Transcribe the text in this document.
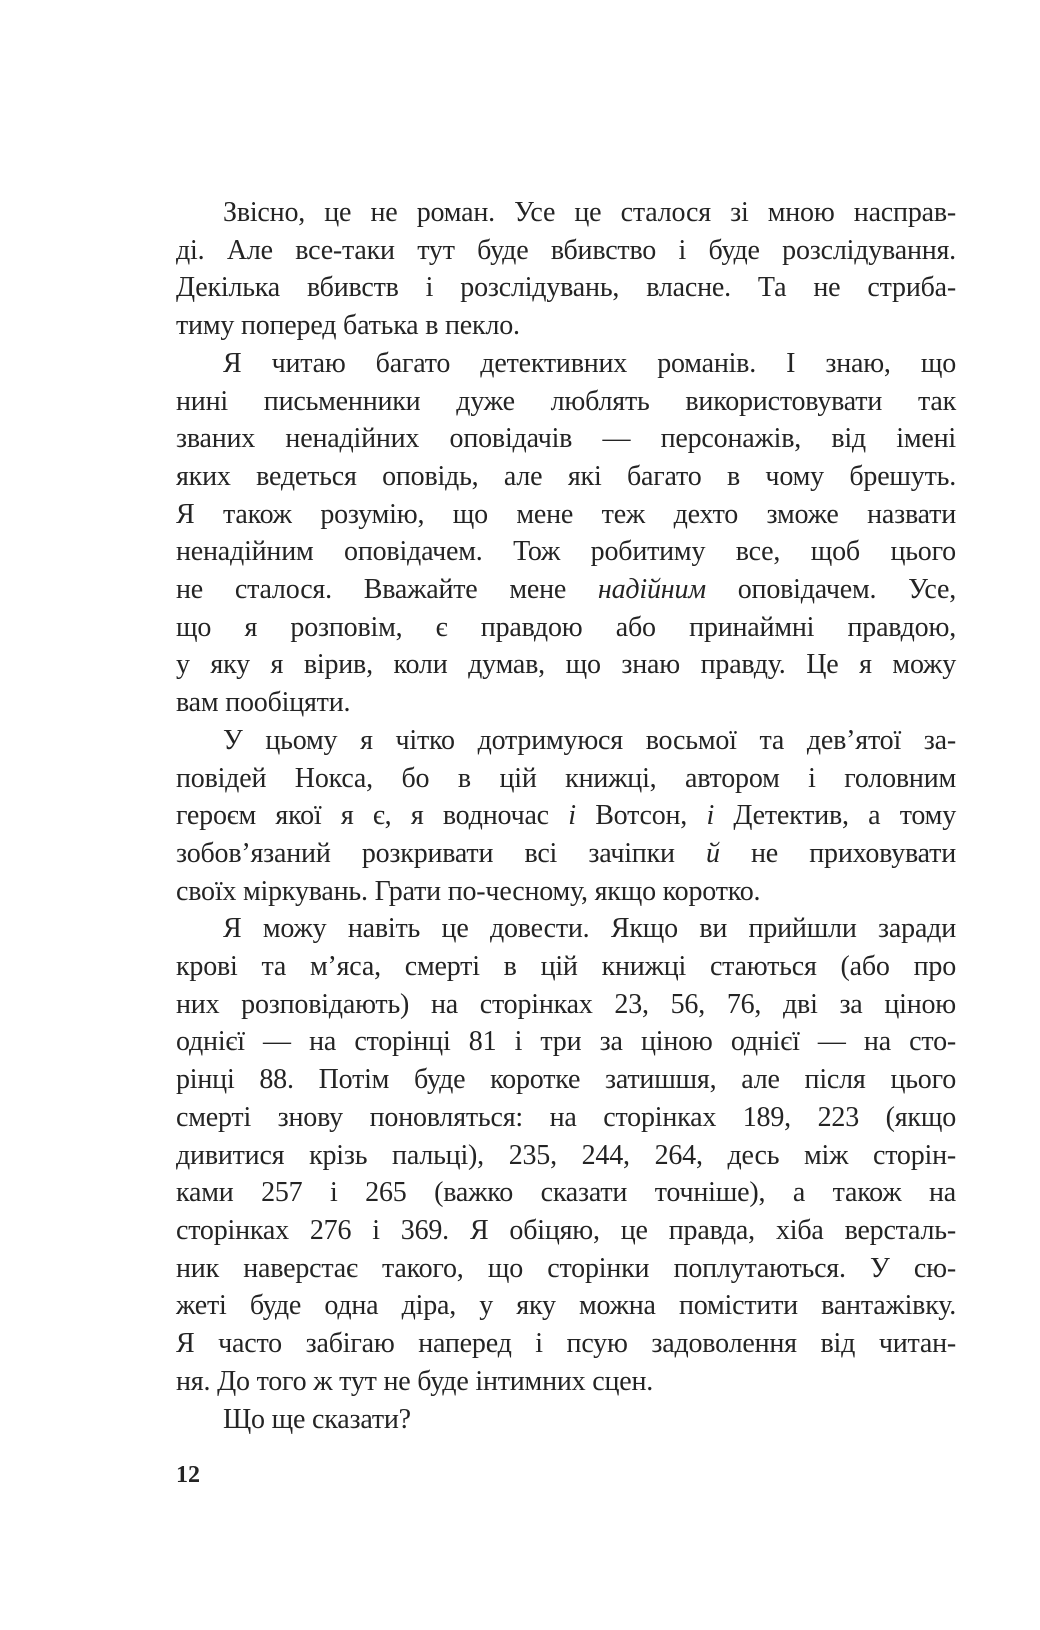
Звісно, це не роман. Усе це сталося зі мною насправ-
ді. Але все-таки тут буде вбивство і буде розслідування.
Декілька вбивств і розслідувань, власне. Та не стриба-
тиму поперед батька в пекло.
Я читаю багато детективних романів. І знаю, що
нині письменники дуже люблять використовувати так
званих ненадійних оповідачів — персонажів, від імені
яких ведеться оповідь, але які багато в чому брешуть.
Я також розумію, що мене теж дехто зможе назвати
ненадійним оповідачем. Тож робитиму все, щоб цього
не сталося. Вважайте мене надійним оповідачем. Усе,
що я розповім, є правдою або принаймні правдою,
у яку я вірив, коли думав, що знаю правду. Це я можу
вам пообіцяти.
У цьому я чітко дотримуюся восьмої та дев’ятої за-
повідей Нокса, бо в цій книжці, автором і головним
героєм якої я є, я водночас і Вотсон, і Детектив, а тому
зобов’язаний розкривати всі зачіпки й не приховувати
своїх міркувань. Грати по-чесному, якщо коротко.
Я можу навіть це довести. Якщо ви прийшли заради
крові та м’яса, смерті в цій книжці стаються (або про
них розповідають) на сторінках 23, 56, 76, дві за ціною
однієї — на сторінці 81 і три за ціною однієї — на сто-
рінці 88. Потім буде коротке затишшя, але після цього
смерті знову поновляться: на сторінках 189, 223 (якщо
дивитися крізь пальці), 235, 244, 264, десь між сторін-
ками 257 і 265 (важко сказати точніше), а також на
сторінках 276 і 369. Я обіцяю, це правда, хіба версталь-
ник наверстає такого, що сторінки поплутаються. У сю-
жеті буде одна діра, у яку можна помістити вантажівку.
Я часто забігаю наперед і псую задоволення від читан-
ня. До того ж тут не буде інтимних сцен.
Що ще сказати?
12
